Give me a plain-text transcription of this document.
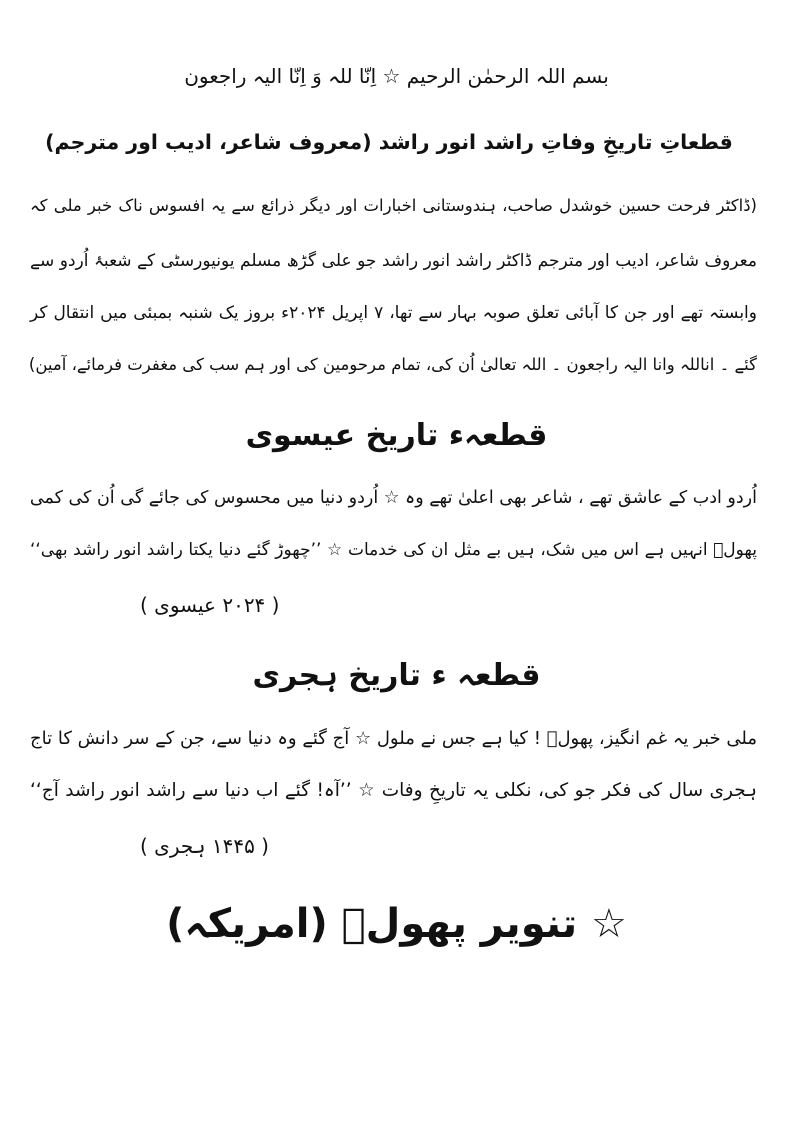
بسم اللہ الرحمٰن الرحیم ☆ اِنّا للہ وَ اِنّا الیہ راجعون
قطعاتِ تاریخِ وفاتِ راشد انور راشد (معروف شاعر، ادیب اور مترجم)
(ڈاکٹر فرحت حسین خوشدل صاحب، ہندوستانی اخبارات اور دیگر ذرائع سے یہ افسوس ناک خبر ملی کہ
معروف شاعر، ادیب اور مترجم ڈاکٹر راشد انور راشد جو علی گڑھ مسلم یونیورسٹی کے شعبۂ اُردو سے
وابستہ تھے اور جن کا آبائی تعلق صوبہ بہار سے تھا، ۷ اپریل ۲۰۲۴ء بروز یک شنبہ بمبئی میں انتقال کر
گئے ۔ اناللہ وانا الیہ راجعون ۔ اللہ تعالیٰ اُن کی، تمام مرحومین کی اور ہم سب کی مغفرت فرمائے، آمین)
قطعہء تاریخ عیسوی
اُردو ادب کے عاشق تھے ، شاعر بھی اعلیٰ تھے وہ ☆ اُردو دنیا میں محسوس کی جائے گی اُن کی کمی
پھولؔ انہیں ہے اس میں شک، ہیں بے مثل ان کی خدمات ☆ ’’چھوڑ گئے دنیا یکتا راشد انور راشد بھی‘‘
( ۲۰۲۴ عیسوی )
قطعہ ء تاریخ ہجری
ملی خبر یہ غم انگیز، پھولؔ ! کیا ہے جس نے ملول ☆ آج گئے وہ دنیا سے، جن کے سر دانش کا تاج
ہجری سال کی فکر جو کی، نکلی یہ تاریخِ وفات ☆ ’’آہ! گئے اب دنیا سے راشد انور راشد آج‘‘
( ۱۴۴۵ ہجری )
☆ تنویر پھولؔ (امریکہ)
